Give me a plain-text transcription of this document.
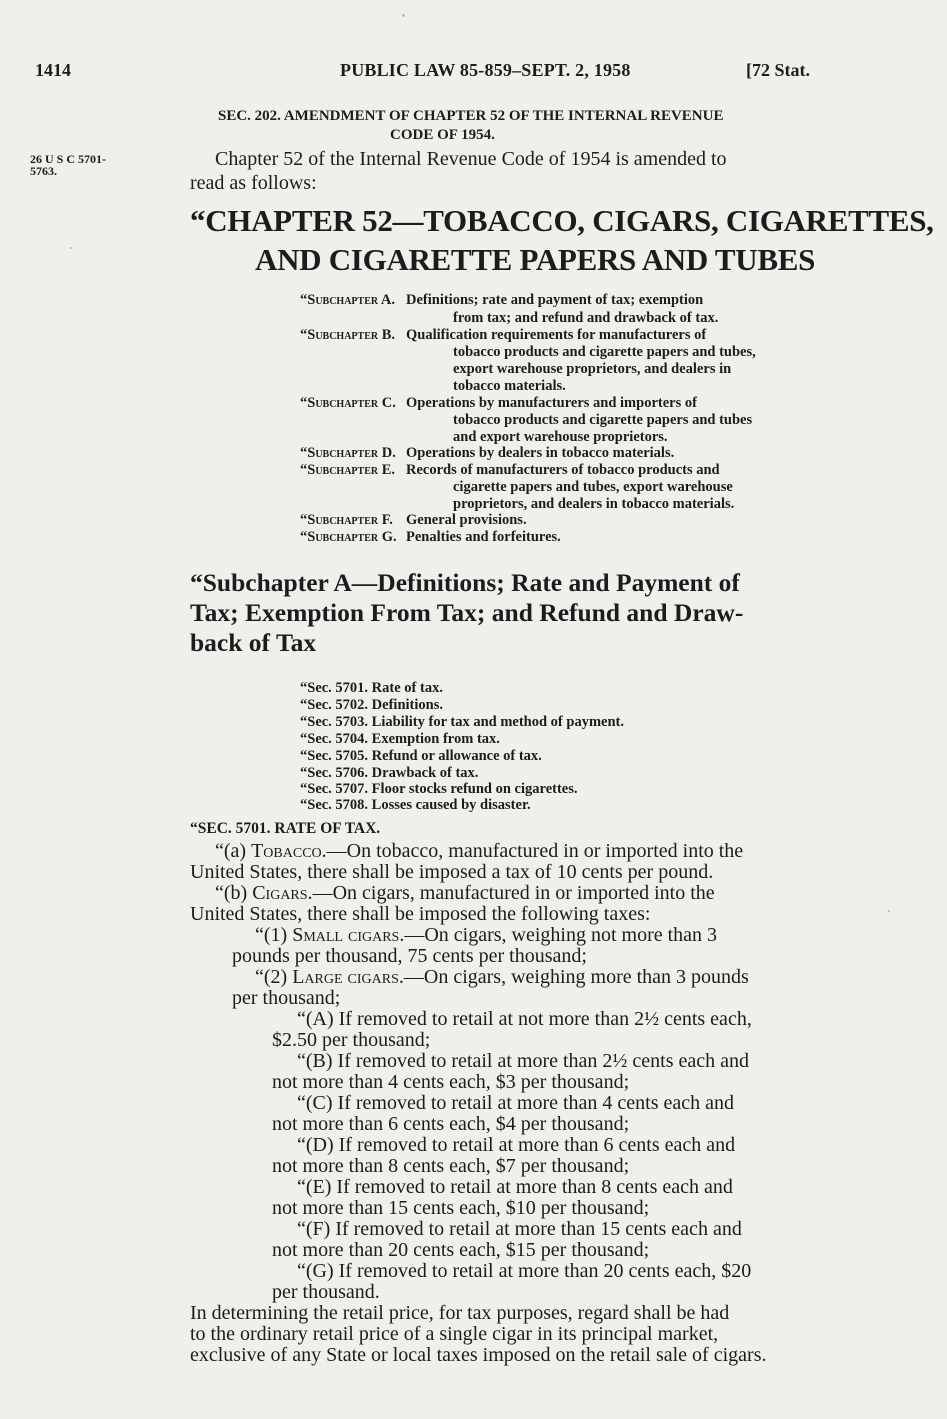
1414	PUBLIC LAW 85-859–SEPT. 2, 1958	[72 Stat.
SEC. 202. AMENDMENT OF CHAPTER 52 OF THE INTERNAL REVENUE
CODE OF 1954.
26 U S C 5701-
5763.
Chapter 52 of the Internal Revenue Code of 1954 is amended to
read as follows:
“CHAPTER 52—TOBACCO, CIGARS, CIGARETTES,
AND CIGARETTE PAPERS AND TUBES
“Subchapter A. Definitions; rate and payment of tax; exemption
from tax; and refund and drawback of tax.
“Subchapter B. Qualification requirements for manufacturers of
tobacco products and cigarette papers and tubes,
export warehouse proprietors, and dealers in
tobacco materials.
“Subchapter C. Operations by manufacturers and importers of
tobacco products and cigarette papers and tubes
and export warehouse proprietors.
“Subchapter D. Operations by dealers in tobacco materials.
“Subchapter E. Records of manufacturers of tobacco products and
cigarette papers and tubes, export warehouse
proprietors, and dealers in tobacco materials.
“Subchapter F. General provisions.
“Subchapter G. Penalties and forfeitures.
“Subchapter A—Definitions; Rate and Payment of
Tax; Exemption From Tax; and Refund and Draw-
back of Tax
“Sec. 5701. Rate of tax.
“Sec. 5702. Definitions.
“Sec. 5703. Liability for tax and method of payment.
“Sec. 5704. Exemption from tax.
“Sec. 5705. Refund or allowance of tax.
“Sec. 5706. Drawback of tax.
“Sec. 5707. Floor stocks refund on cigarettes.
“Sec. 5708. Losses caused by disaster.
“SEC. 5701. RATE OF TAX.
“(a) Tobacco.—On tobacco, manufactured in or imported into the
United States, there shall be imposed a tax of 10 cents per pound.
“(b) Cigars.—On cigars, manufactured in or imported into the
United States, there shall be imposed the following taxes:
“(1) Small cigars.—On cigars, weighing not more than 3
pounds per thousand, 75 cents per thousand;
“(2) Large cigars.—On cigars, weighing more than 3 pounds
per thousand;
“(A) If removed to retail at not more than 2½ cents each,
$2.50 per thousand;
“(B) If removed to retail at more than 2½ cents each and
not more than 4 cents each, $3 per thousand;
“(C) If removed to retail at more than 4 cents each and
not more than 6 cents each, $4 per thousand;
“(D) If removed to retail at more than 6 cents each and
not more than 8 cents each, $7 per thousand;
“(E) If removed to retail at more than 8 cents each and
not more than 15 cents each, $10 per thousand;
“(F) If removed to retail at more than 15 cents each and
not more than 20 cents each, $15 per thousand;
“(G) If removed to retail at more than 20 cents each, $20
per thousand.
In determining the retail price, for tax purposes, regard shall be had
to the ordinary retail price of a single cigar in its principal market,
exclusive of any State or local taxes imposed on the retail sale of cigars.
